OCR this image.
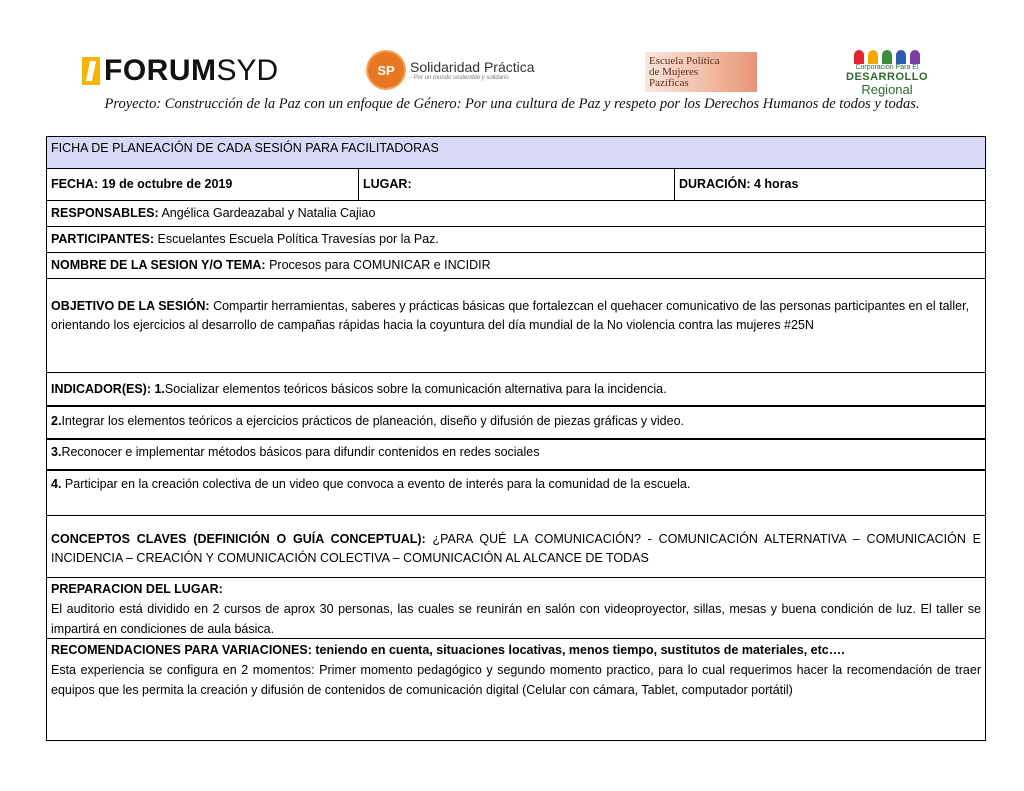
FORUM SYD	SP	Solidaridad Práctica
- Por un mundo sostenible y solidario
Escuela Política
de Mujeres
Pazíficas
Corporación Para El
DESARROLLO
Regional
Proyecto: Construcción de la Paz con un enfoque de Género: Por una cultura de Paz y respeto por los Derechos Humanos de todos y todas.
FICHA DE PLANEACIÓN DE CADA SESIÓN PARA FACILITADORAS
FECHA: 19 de octubre de 2019	LUGAR:	DURACIÓN: 4 horas
RESPONSABLES: Angélica Gardeazabal y Natalia Cajiao
PARTICIPANTES: Escuelantes Escuela Política Travesías por la Paz.
NOMBRE DE LA SESION Y/O TEMA: Procesos para COMUNICAR e INCIDIR
OBJETIVO DE LA SESIÓN: Compartir herramientas, saberes y prácticas básicas que fortalezcan el quehacer comunicativo de las personas participantes en el taller, orientando los ejercicios al desarrollo de campañas rápidas hacia la coyuntura del día mundial de la No violencia contra las mujeres #25N
INDICADOR(ES): 1.Socializar elementos teóricos básicos sobre la comunicación alternativa para la incidencia.
2.Integrar los elementos teóricos a ejercicios prácticos de planeación, diseño y difusión de piezas gráficas y video.
3.Reconocer e implementar métodos básicos para difundir contenidos en redes sociales
4. Participar en la creación colectiva de un video que convoca a evento de interés para la comunidad de la escuela.
CONCEPTOS CLAVES (DEFINICIÓN O GUÍA CONCEPTUAL): ¿PARA QUÉ LA COMUNICACIÓN? - COMUNICACIÓN ALTERNATIVA – COMUNICACIÓN E INCIDENCIA – CREACIÓN Y COMUNICACIÓN COLECTIVA – COMUNICACIÓN AL ALCANCE DE TODAS
PREPARACION DEL LUGAR:
El auditorio está dividido en 2 cursos de aprox 30 personas, las cuales se reunirán en salón con videoproyector, sillas, mesas y buena condición de luz. El taller se impartirá en condiciones de aula básica.
RECOMENDACIONES PARA VARIACIONES: teniendo en cuenta, situaciones locativas, menos tiempo, sustitutos de materiales, etc….
Esta experiencia se configura en 2 momentos: Primer momento pedagógico y segundo momento practico, para lo cual requerimos hacer la recomendación de traer equipos que les permita la creación y difusión de contenidos de comunicación digital (Celular con cámara, Tablet, computador portátil)
